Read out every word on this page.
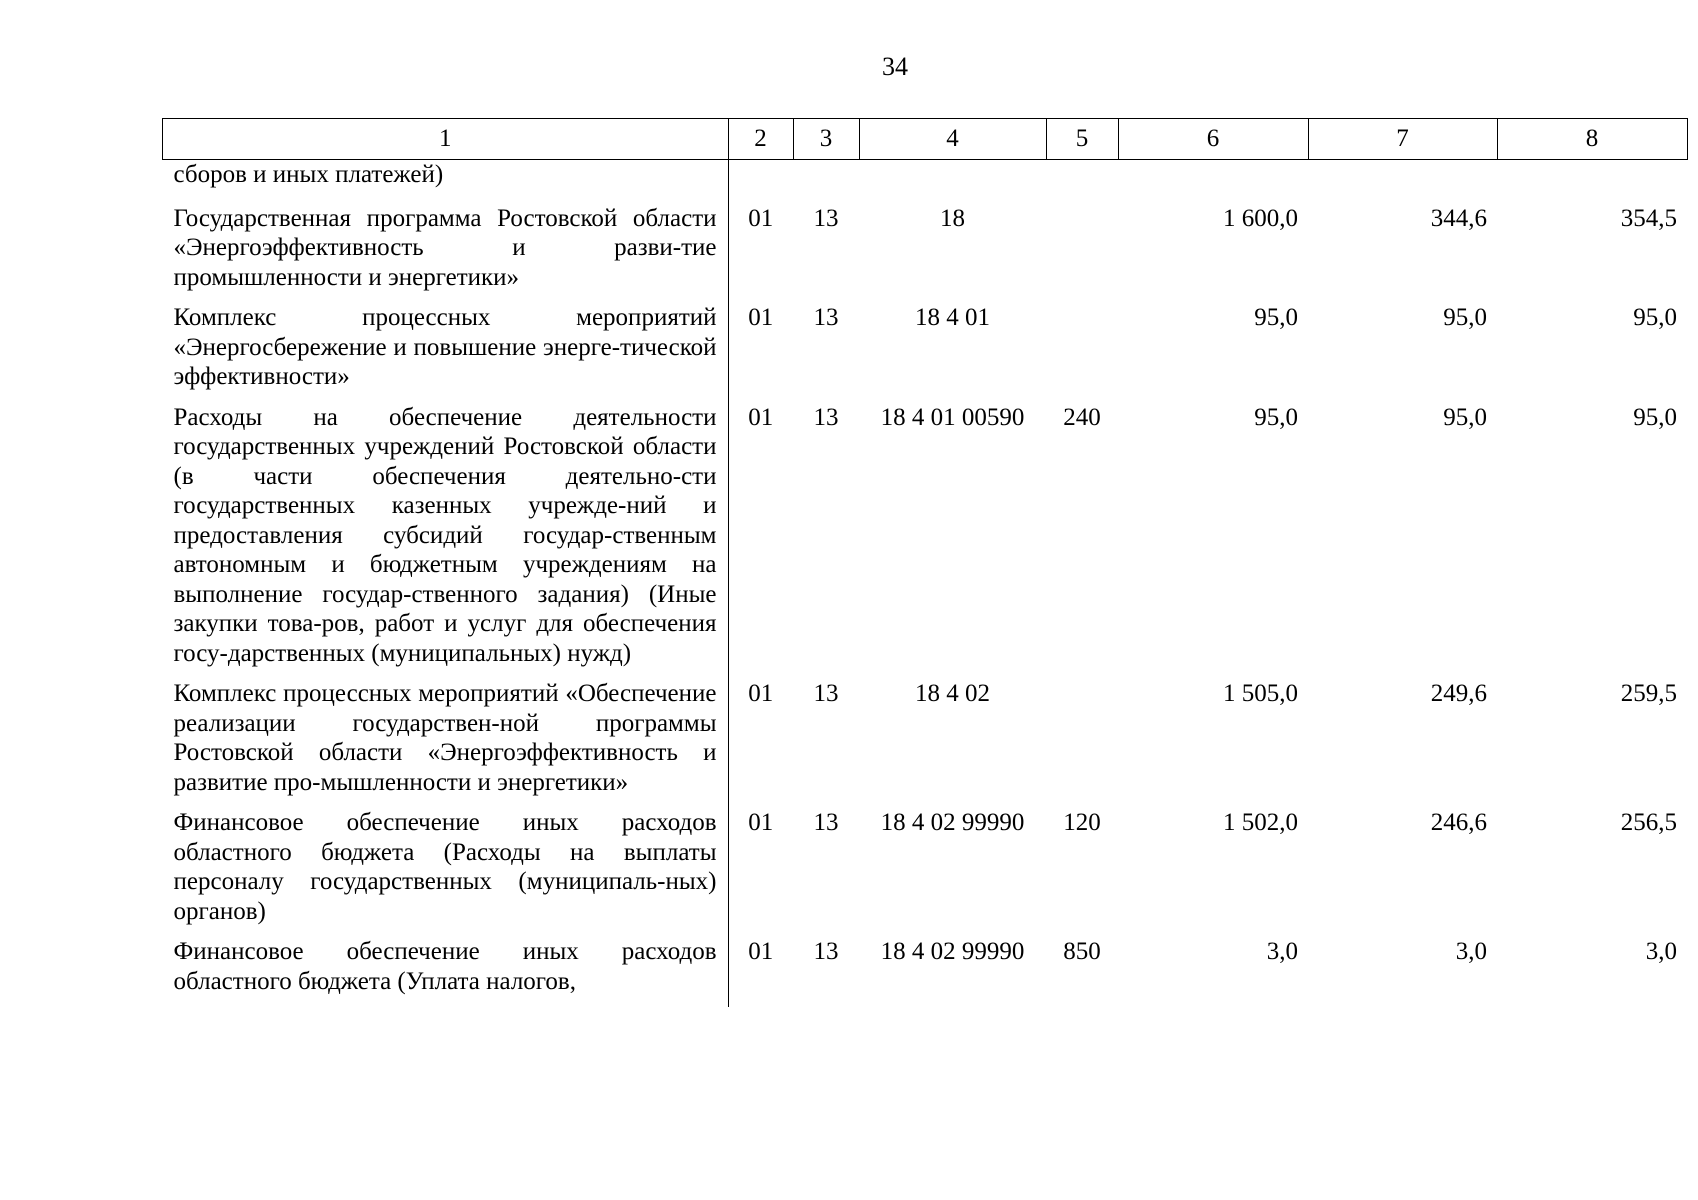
34
1	2	3	4	5	6	7	8
сборов и иных платежей)							
Государственная программа Ростовской области «Энергоэффективность и разви-тие промышленности и энергетики»	01	13	18		1 600,0	344,6	354,5
Комплекс процессных мероприятий «Энергосбережение и повышение энерге-тической эффективности»	01	13	18 4 01		95,0	95,0	95,0
Расходы на обеспечение деятельности государственных учреждений Ростовской области (в части обеспечения деятельно-сти государственных казенных учрежде-ний и предоставления субсидий государ-ственным автономным и бюджетным учреждениям на выполнение государ-ственного задания) (Иные закупки това-ров, работ и услуг для обеспечения госу-дарственных (муниципальных) нужд)	01	13	18 4 01 00590	240	95,0	95,0	95,0
Комплекс процессных мероприятий «Обеспечение реализации государствен-ной программы Ростовской области «Энергоэффективность и развитие про-мышленности и энергетики»	01	13	18 4 02		1 505,0	249,6	259,5
Финансовое обеспечение иных расходов областного бюджета (Расходы на выплаты персоналу государственных (муниципаль-ных) органов)	01	13	18 4 02 99990	120	1 502,0	246,6	256,5
Финансовое обеспечение иных расходов областного бюджета (Уплата налогов,	01	13	18 4 02 99990	850	3,0	3,0	3,0
